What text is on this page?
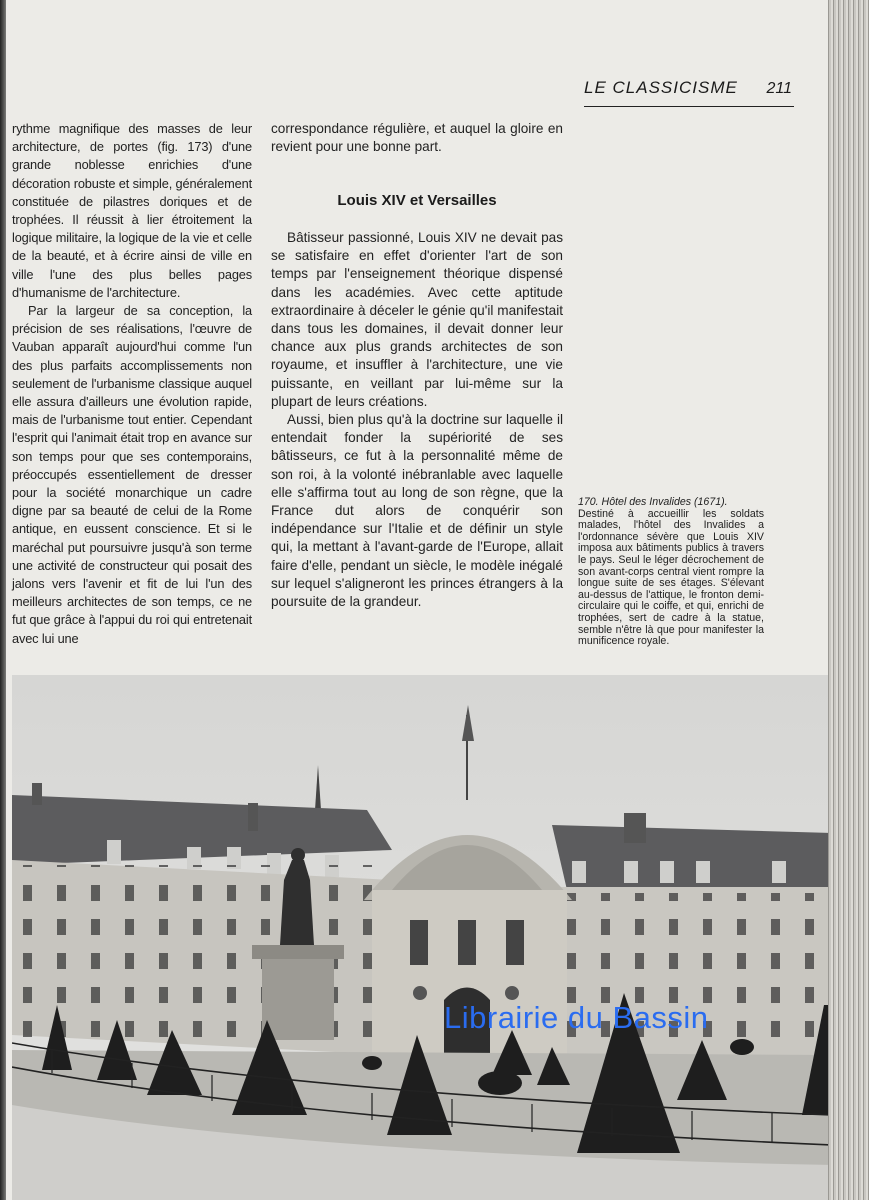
LE CLASSICISME 211

rythme magnifique des masses de leur architecture, de portes (fig. 173) d'une grande noblesse enrichies d'une décoration robuste et simple, généralement constituée de pilastres doriques et de trophées. Il réussit à lier étroitement la logique militaire, la logique de la vie et celle de la beauté, et à écrire ainsi de ville en ville l'une des plus belles pages d'humanisme de l'architecture.

Par la largeur de sa conception, la précision de ses réalisations, l'œuvre de Vauban apparaît aujourd'hui comme l'un des plus parfaits accomplissements non seulement de l'urbanisme classique auquel elle assura d'ailleurs une évolution rapide, mais de l'urbanisme tout entier. Cependant l'esprit qui l'animait était trop en avance sur son temps pour que ses contemporains, préoccupés essentiellement de dresser pour la société monarchique un cadre digne par sa beauté de celui de la Rome antique, en eussent conscience. Et si le maréchal put poursuivre jusqu'à son terme une activité de constructeur qui posait des jalons vers l'avenir et fit de lui l'un des meilleurs architectes de son temps, ce ne fut que grâce à l'appui du roi qui entretenait avec lui une

correspondance régulière, et auquel la gloire en revient pour une bonne part.

Louis XIV et Versailles

Bâtisseur passionné, Louis XIV ne devait pas se satisfaire en effet d'orienter l'art de son temps par l'enseignement théorique dispensé dans les académies. Avec cette aptitude extraordinaire à déceler le génie qu'il manifestait dans tous les domaines, il devait donner leur chance aux plus grands architectes de son royaume, et insuffler à l'architecture, une vie puissante, en veillant par lui-même sur la plupart de leurs créations.

Aussi, bien plus qu'à la doctrine sur laquelle il entendait fonder la supériorité de ses bâtisseurs, ce fut à la personnalité même de son roi, à la volonté inébranlable avec laquelle elle s'affirma tout au long de son règne, que la France dut alors de conquérir son indépendance sur l'Italie et de définir un style qui, la mettant à l'avant-garde de l'Europe, allait faire d'elle, pendant un siècle, le modèle inégalé sur lequel s'aligneront les princes étrangers à la poursuite de la grandeur.

170. Hôtel des Invalides (1671).
Destiné à accueillir les soldats malades, l'hôtel des Invalides a l'ordonnance sévère que Louis XIV imposa aux bâtiments publics à travers le pays. Seul le léger décrochement de son avant-corps central vient rompre la longue suite de ses étages. S'élevant au-dessus de l'attique, le fronton demi-circulaire qui le coiffe, et qui, enrichi de trophées, sert de cadre à la statue, semble n'être là que pour manifester la munificence royale.
Librairie du Bassin
